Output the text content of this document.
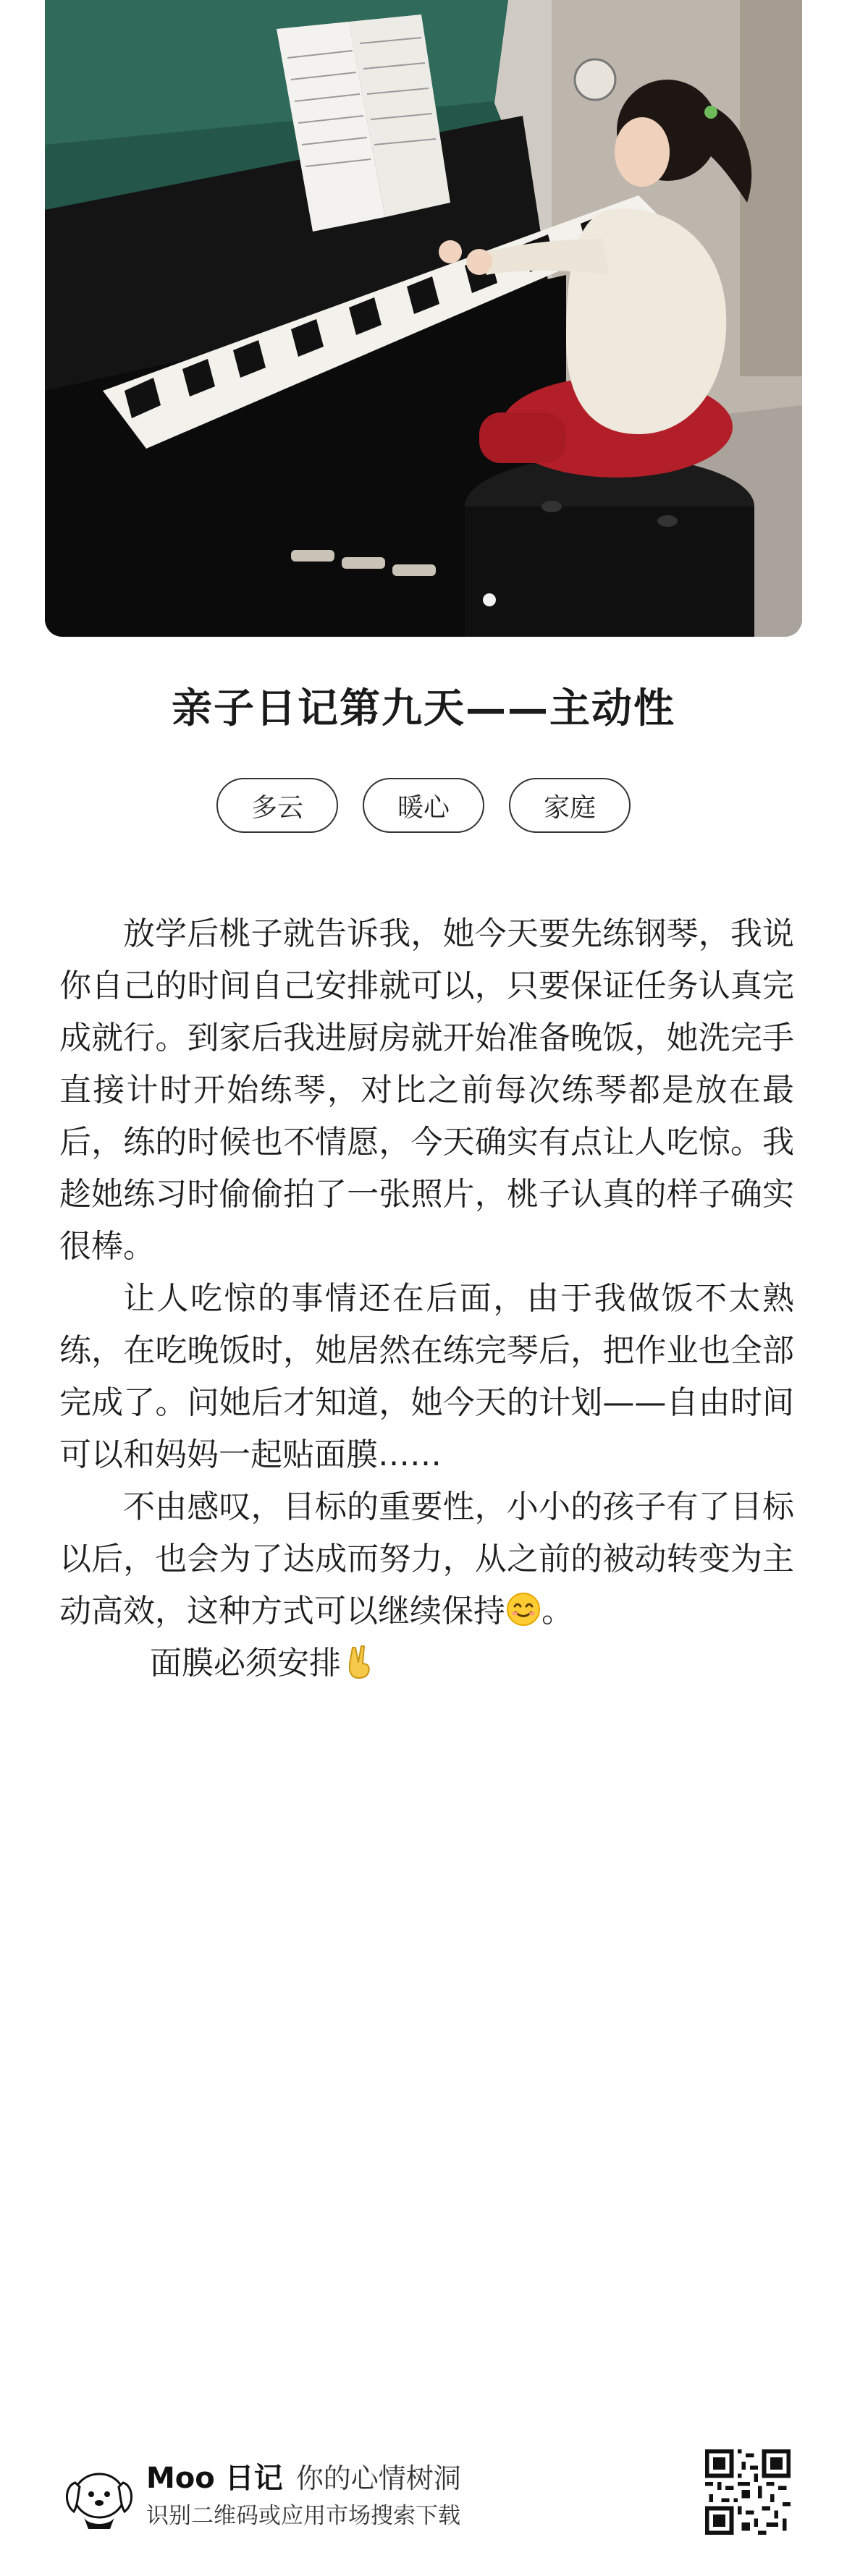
亲子日记第九天——主动性
多云	暖心	家庭

放学后桃子就告诉我，她今天要先练钢琴，我说你自己的时间自己安排就可以，只要保证任务认真完成就行。到家后我进厨房就开始准备晚饭，她洗完手直接计时开始练琴，对比之前每次练琴都是放在最后，练的时候也不情愿，今天确实有点让人吃惊。我趁她练习时偷偷拍了一张照片，桃子认真的样子确实很棒。

让人吃惊的事情还在后面，由于我做饭不太熟练，在吃晚饭时，她居然在练完琴后，把作业也全部完成了。问她后才知道，她今天的计划——自由时间可以和妈妈一起贴面膜……

不由感叹，目标的重要性，小小的孩子有了目标以后，也会为了达成而努力，从之前的被动转变为主动高效，这种方式可以继续保持 。

面膜必须安排

Moo 日记 你的心情树洞
识别二维码或应用市场搜索下载
